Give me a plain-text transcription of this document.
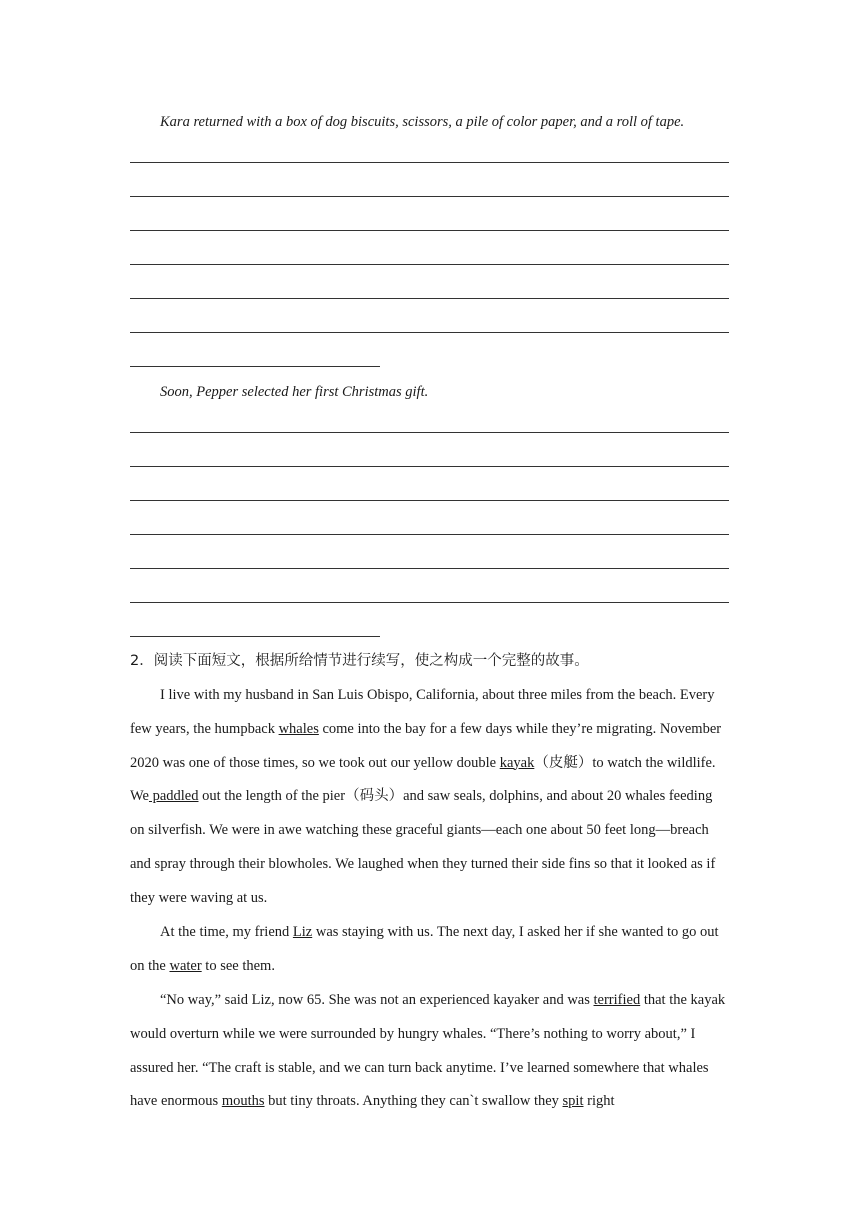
Kara returned with a box of dog biscuits, scissors, a pile of color paper, and a roll of tape.
Soon, Pepper selected her first Christmas gift.
2．阅读下面短文，根据所给情节进行续写，使之构成一个完整的故事。
I live with my husband in San Luis Obispo, California, about three miles from the beach. Every few years, the humpback whales come into the bay for a few days while they’re migrating. November 2020 was one of those times, so we took out our yellow double kayak（皮艇）to watch the wildlife. We paddled out the length of the pier（码头）and saw seals, dolphins, and about 20 whales feeding on silverfish. We were in awe watching these graceful giants—each one about 50 feet long—breach and spray through their blowholes. We laughed when they turned their side fins so that it looked as if they were waving at us.
At the time, my friend Liz was staying with us. The next day, I asked her if she wanted to go out on the water to see them.
“No way,” said Liz, now 65. She was not an experienced kayaker and was terrified that the kayak would overturn while we were surrounded by hungry whales. “There’s nothing to worry about,” I assured her. “The craft is stable, and we can turn back anytime. I’ve learned somewhere that whales have enormous mouths but tiny throats. Anything they can`t swallow they spit right
